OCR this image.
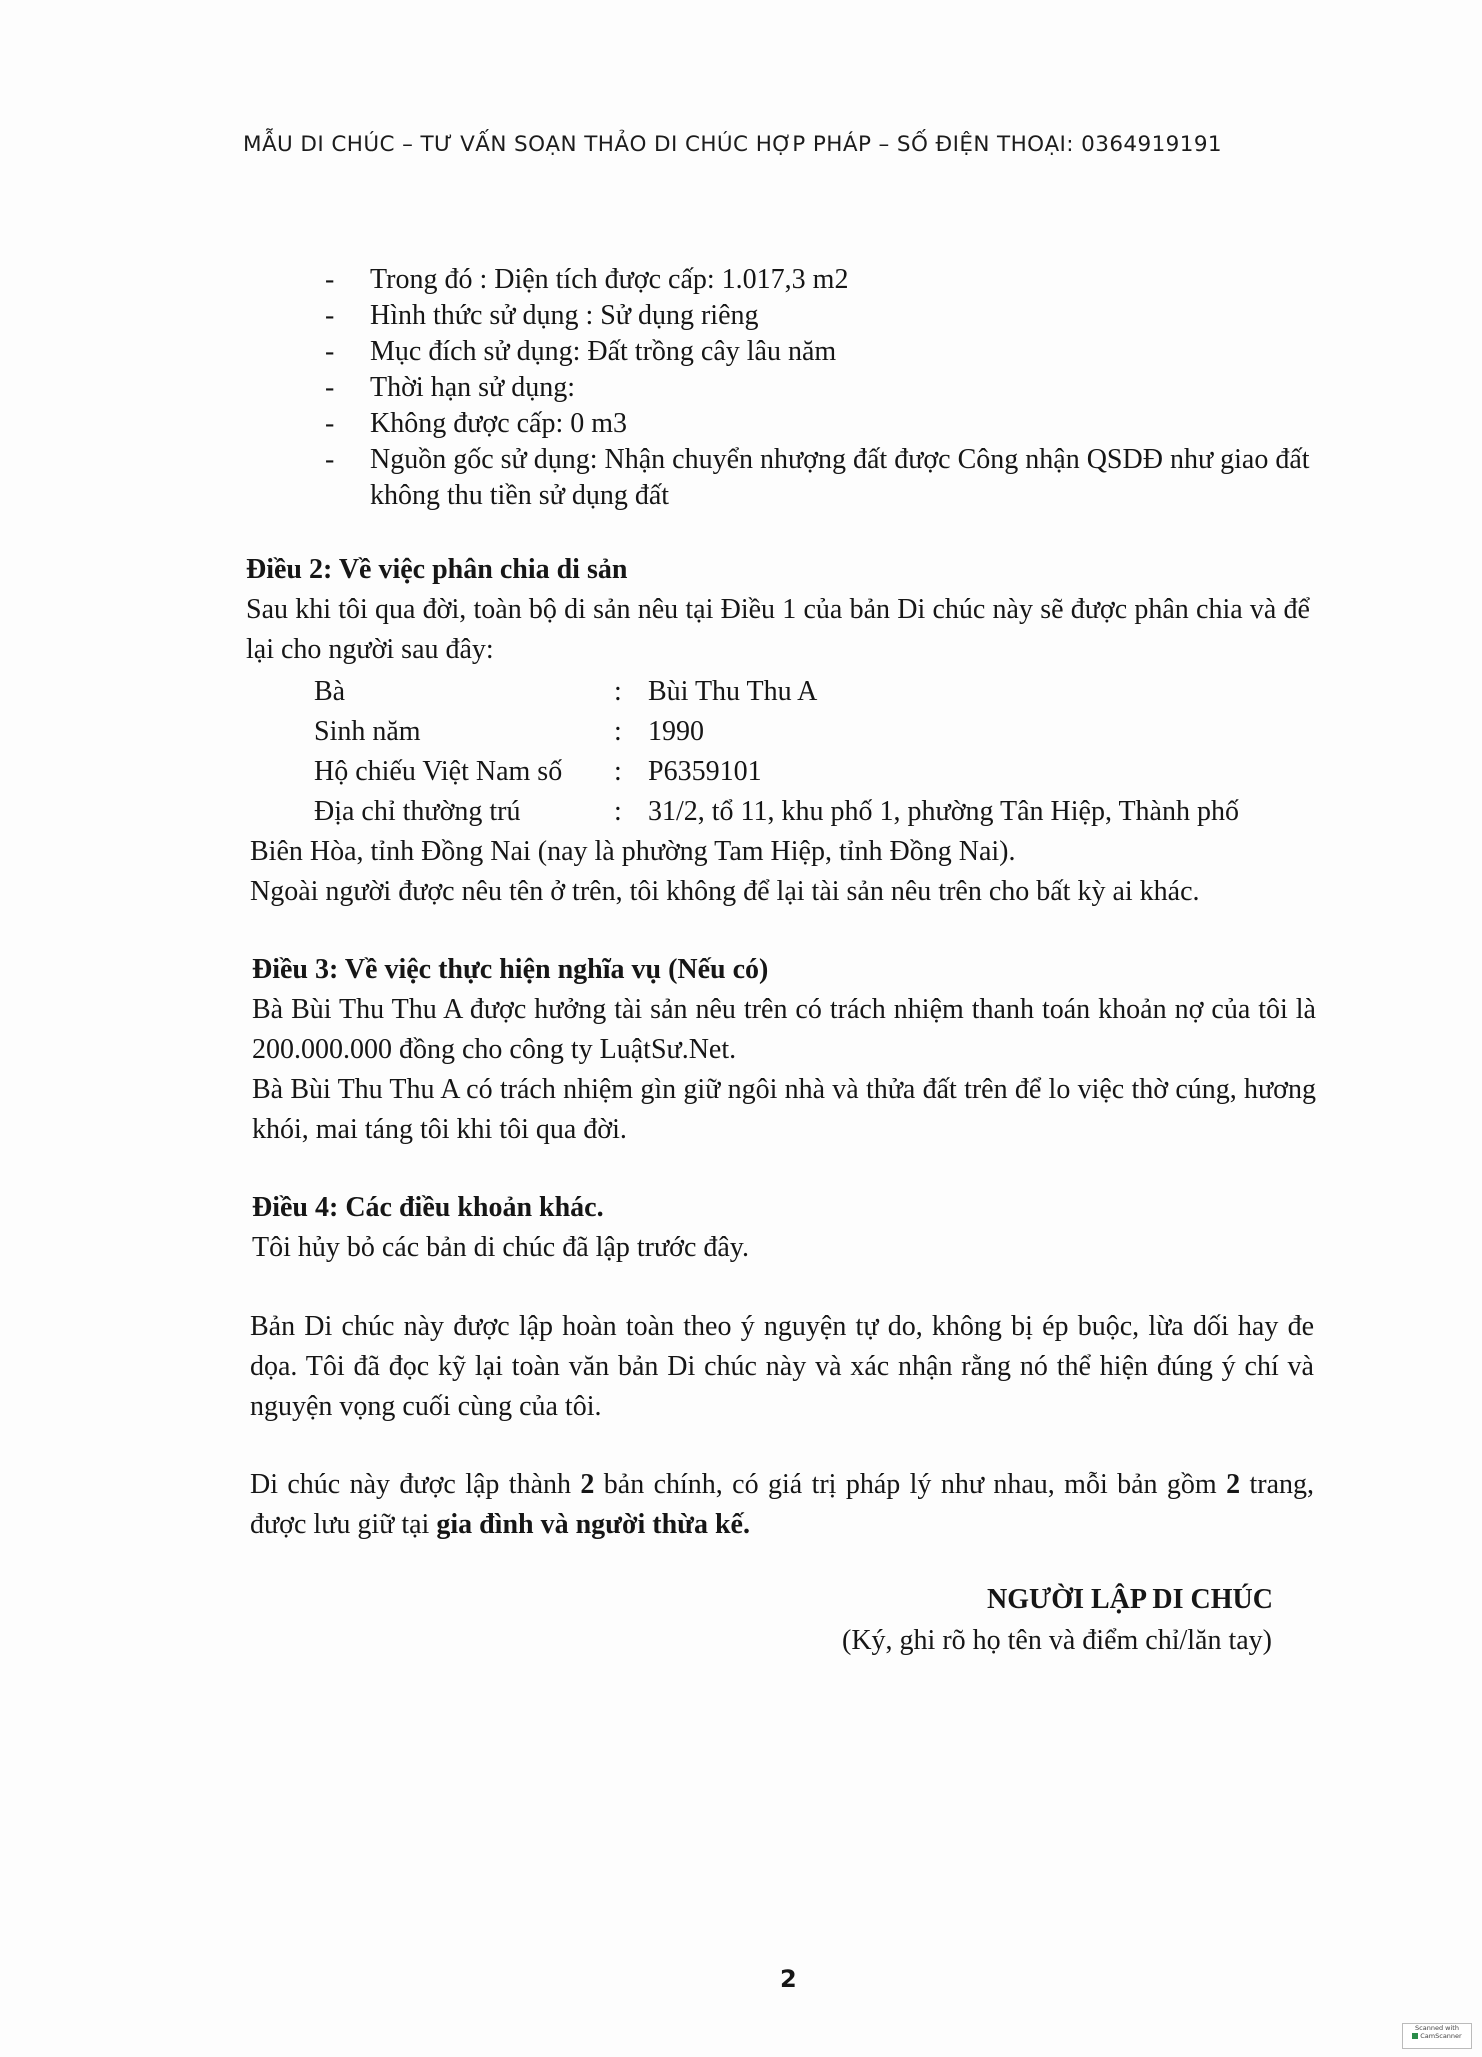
MẪU DI CHÚC – TƯ VẤN SOẠN THẢO DI CHÚC HỢP PHÁP – SỐ ĐIỆN THOẠI: 0364919191
- Trong đó : Diện tích được cấp: 1.017,3 m2
- Hình thức sử dụng : Sử dụng riêng
- Mục đích sử dụng: Đất trồng cây lâu năm
- Thời hạn sử dụng:
- Không được cấp: 0 m3
- Nguồn gốc sử dụng: Nhận chuyển nhượng đất được Công nhận QSDĐ như giao đất không thu tiền sử dụng đất
Điều 2: Về việc phân chia di sản
Sau khi tôi qua đời, toàn bộ di sản nêu tại Điều 1 của bản Di chúc này sẽ được phân chia và để lại cho người sau đây:
Bà	: Bùi Thu Thu A
Sinh năm	: 1990
Hộ chiếu Việt Nam số : P6359101
Địa chỉ thường trú	: 31/2, tổ 11, khu phố 1, phường Tân Hiệp, Thành phố
Biên Hòa, tỉnh Đồng Nai (nay là phường Tam Hiệp, tỉnh Đồng Nai).
Ngoài người được nêu tên ở trên, tôi không để lại tài sản nêu trên cho bất kỳ ai khác.
Điều 3: Về việc thực hiện nghĩa vụ (Nếu có)
Bà Bùi Thu Thu A được hưởng tài sản nêu trên có trách nhiệm thanh toán khoản nợ của tôi là 200.000.000 đồng cho công ty LuậtSư.Net.
Bà Bùi Thu Thu A có trách nhiệm gìn giữ ngôi nhà và thửa đất trên để lo việc thờ cúng, hương khói, mai táng tôi khi tôi qua đời.
Điều 4: Các điều khoản khác.
Tôi hủy bỏ các bản di chúc đã lập trước đây.
Bản Di chúc này được lập hoàn toàn theo ý nguyện tự do, không bị ép buộc, lừa dối hay đe dọa. Tôi đã đọc kỹ lại toàn văn bản Di chúc này và xác nhận rằng nó thể hiện đúng ý chí và nguyện vọng cuối cùng của tôi.
Di chúc này được lập thành 2 bản chính, có giá trị pháp lý như nhau, mỗi bản gồm 2 trang, được lưu giữ tại gia đình và người thừa kế.
NGƯỜI LẬP DI CHÚC
(Ký, ghi rõ họ tên và điểm chỉ/lăn tay)
2
Scanned with
CamScanner
